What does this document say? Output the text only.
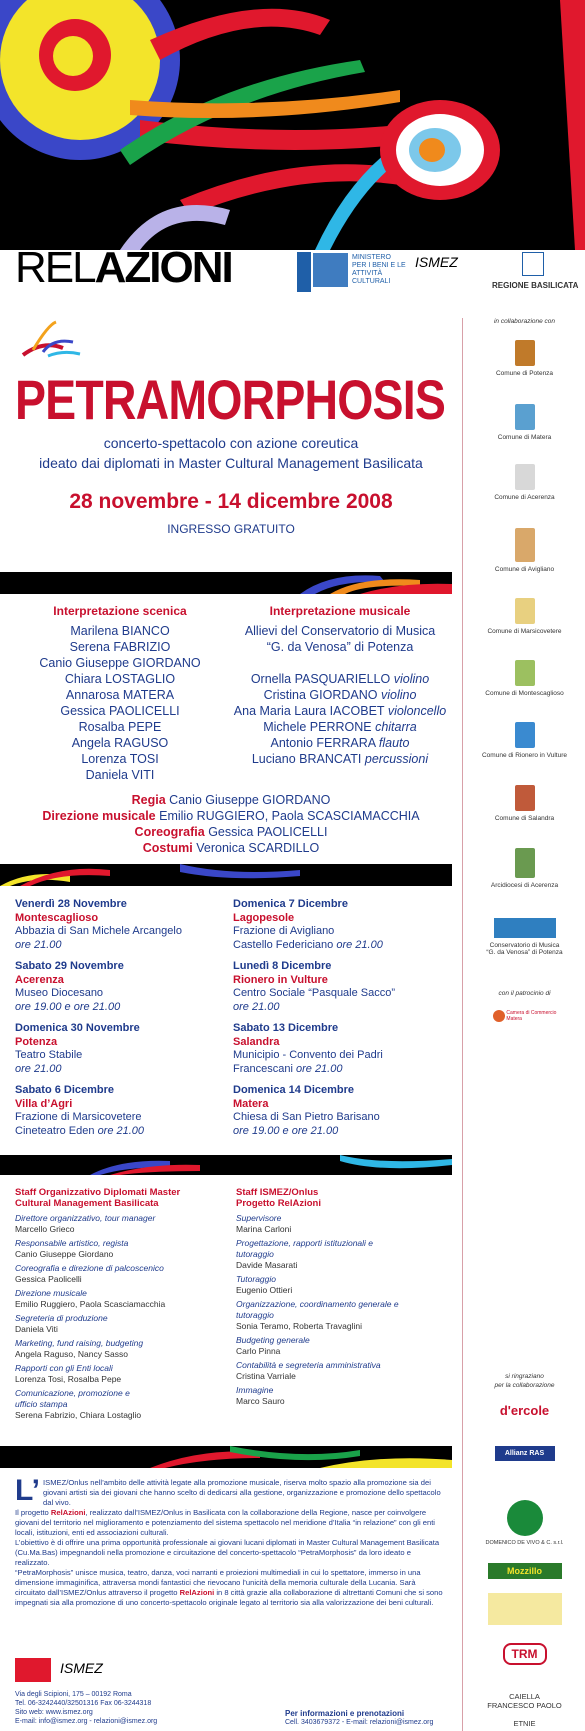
RELAZIONI	MINISTERO PER I BENI E LE ATTIVITÀ CULTURALI
ISMEZ
REGIONE BASILICATA
PETRAMORPHOSIS
concerto-spettacolo con azione coreutica
ideato dai diplomati in Master Cultural Management Basilicata
28 novembre - 14 dicembre 2008
INGRESSO GRATUITO
Interpretazione scenica
Marilena BIANCO
Serena FABRIZIO
Canio Giuseppe GIORDANO
Chiara LOSTAGLIO
Annarosa MATERA
Gessica PAOLICELLI
Rosalba PEPE
Angela RAGUSO
Lorenza TOSI
Daniela VITI
Interpretazione musicale
Allievi del Conservatorio di Musica
“G. da Venosa” di Potenza
Ornella PASQUARIELLO violino
Cristina GIORDANO violino
Ana Maria Laura IACOBET violoncello
Michele PERRONE chitarra
Antonio FERRARA flauto
Luciano BRANCATI percussioni
Regia Canio Giuseppe GIORDANO
Direzione musicale Emilio RUGGIERO, Paola SCASCIAMACCHIA
Coreografia Gessica PAOLICELLI
Costumi Veronica SCARDILLO
Venerdì 28 Novembre
Montescaglioso
Abbazia di San Michele Arcangelo
ore 21.00
Sabato 29 Novembre
Acerenza
Museo Diocesano
ore 19.00 e ore 21.00
Domenica 30 Novembre
Potenza
Teatro Stabile
ore 21.00
Sabato 6 Dicembre
Villa d’Agri
Frazione di Marsicovetere
Cineteatro Eden ore 21.00
Domenica 7 Dicembre
Lagopesole
Frazione di Avigliano
Castello Federiciano ore 21.00
Lunedì 8 Dicembre
Rionero in Vulture
Centro Sociale “Pasquale Sacco”
ore 21.00
Sabato 13 Dicembre
Salandra
Municipio - Convento dei Padri
Francescani ore 21.00
Domenica 14 Dicembre
Matera
Chiesa di San Pietro Barisano
ore 19.00 e ore 21.00
Staff Organizzativo Diplomati Master
Cultural Management Basilicata
Direttore organizzativo, tour manager
Marcello Grieco
Responsabile artistico, regista
Canio Giuseppe Giordano
Coreografia e direzione di palcoscenico
Gessica Paolicelli
Direzione musicale
Emilio Ruggiero, Paola Scasciamacchia
Segreteria di produzione
Daniela Viti
Marketing, fund raising, budgeting
Angela Raguso, Nancy Sasso
Rapporti con gli Enti locali
Lorenza Tosi, Rosalba Pepe
Comunicazione, promozione e ufficio stampa
Serena Fabrizio, Chiara Lostaglio
Staff ISMEZ/Onlus
Progetto RelAzioni
Supervisore
Marina Carloni
Progettazione, rapporti istituzionali e tutoraggio
Davide Masarati
Tutoraggio
Eugenio Ottieri
Organizzazione, coordinamento generale e tutoraggio
Sonia Teramo, Roberta Travaglini
Budgeting generale
Carlo Pinna
Contabilità e segreteria amministrativa
Cristina Varriale
Immagine
Marco Sauro
L’ ISMEZ/Onlus nell’ambito delle attività legate alla promozione musicale, riserva molto spazio alla promozione sia dei giovani artisti sia dei giovani che hanno scelto di dedicarsi alla gestione, organizzazione e promozione dello spettacolo dal vivo.

Il progetto RelAzioni, realizzato dall’ISMEZ/Onlus in Basilicata con la collaborazione della Regione, nasce per coinvolgere giovani del territorio nel miglioramento e potenziamento del sistema spettacolo nel meridione d’Italia “in relazione” con gli enti locali, istituzioni, enti ed associazioni culturali.

L’obiettivo è di offrire una prima opportunità professionale ai giovani lucani diplomati in Master Cultural Management Basilicata (Cu.Ma.Bas) impegnandoli nella promozione e circuitazione del concerto-spettacolo “PetraMorphosis” da loro ideato e realizzato.

“PetraMorphosis” unisce musica, teatro, danza, voci narranti e proiezioni multimediali in cui lo spettatore, immerso in una dimensione immaginifica, attraversa mondi fantastici che rievocano l’unicità della memoria culturale della Lucania. Sarà circuitato dall’ISMEZ/Onlus attraverso il progetto RelAzioni in 8 città grazie alla collaborazione di altrettanti Comuni che si sono impegnati sia alla promozione di uno concerto-spettacolo originale legato al territorio sia alla valorizzazione dei beni culturali.

ISMEZ
Via degli Scipioni, 175 – 00192 Roma
Tel. 06-3242440/32501316 Fax 06-3244318
Sito web: www.ismez.org
E-mail: info@ismez.org - relazioni@ismez.org
Per informazioni e prenotazioni
Cell. 3403679372 - E-mail: relazioni@ismez.org
in collaborazione con
Comune di Potenza
Comune di Matera
Comune di Acerenza
Comune di Avigliano
Comune di Marsicovetere
Comune di Montescaglioso
Comune di Rionero in Vulture
Comune di Salandra
Arcidiocesi di Acerenza
Conservatorio di Musica “G. da Venosa” di Potenza
con il patrocinio di
Camera di Commercio Matera
si ringraziano
per la collaborazione
d'ercole
Allianz RAS
DOMENICO DE VIVO & C. s.r.l.
Mozzillo
TRM
CAIELLA
FRANCESCO PAOLO
ETNIE
